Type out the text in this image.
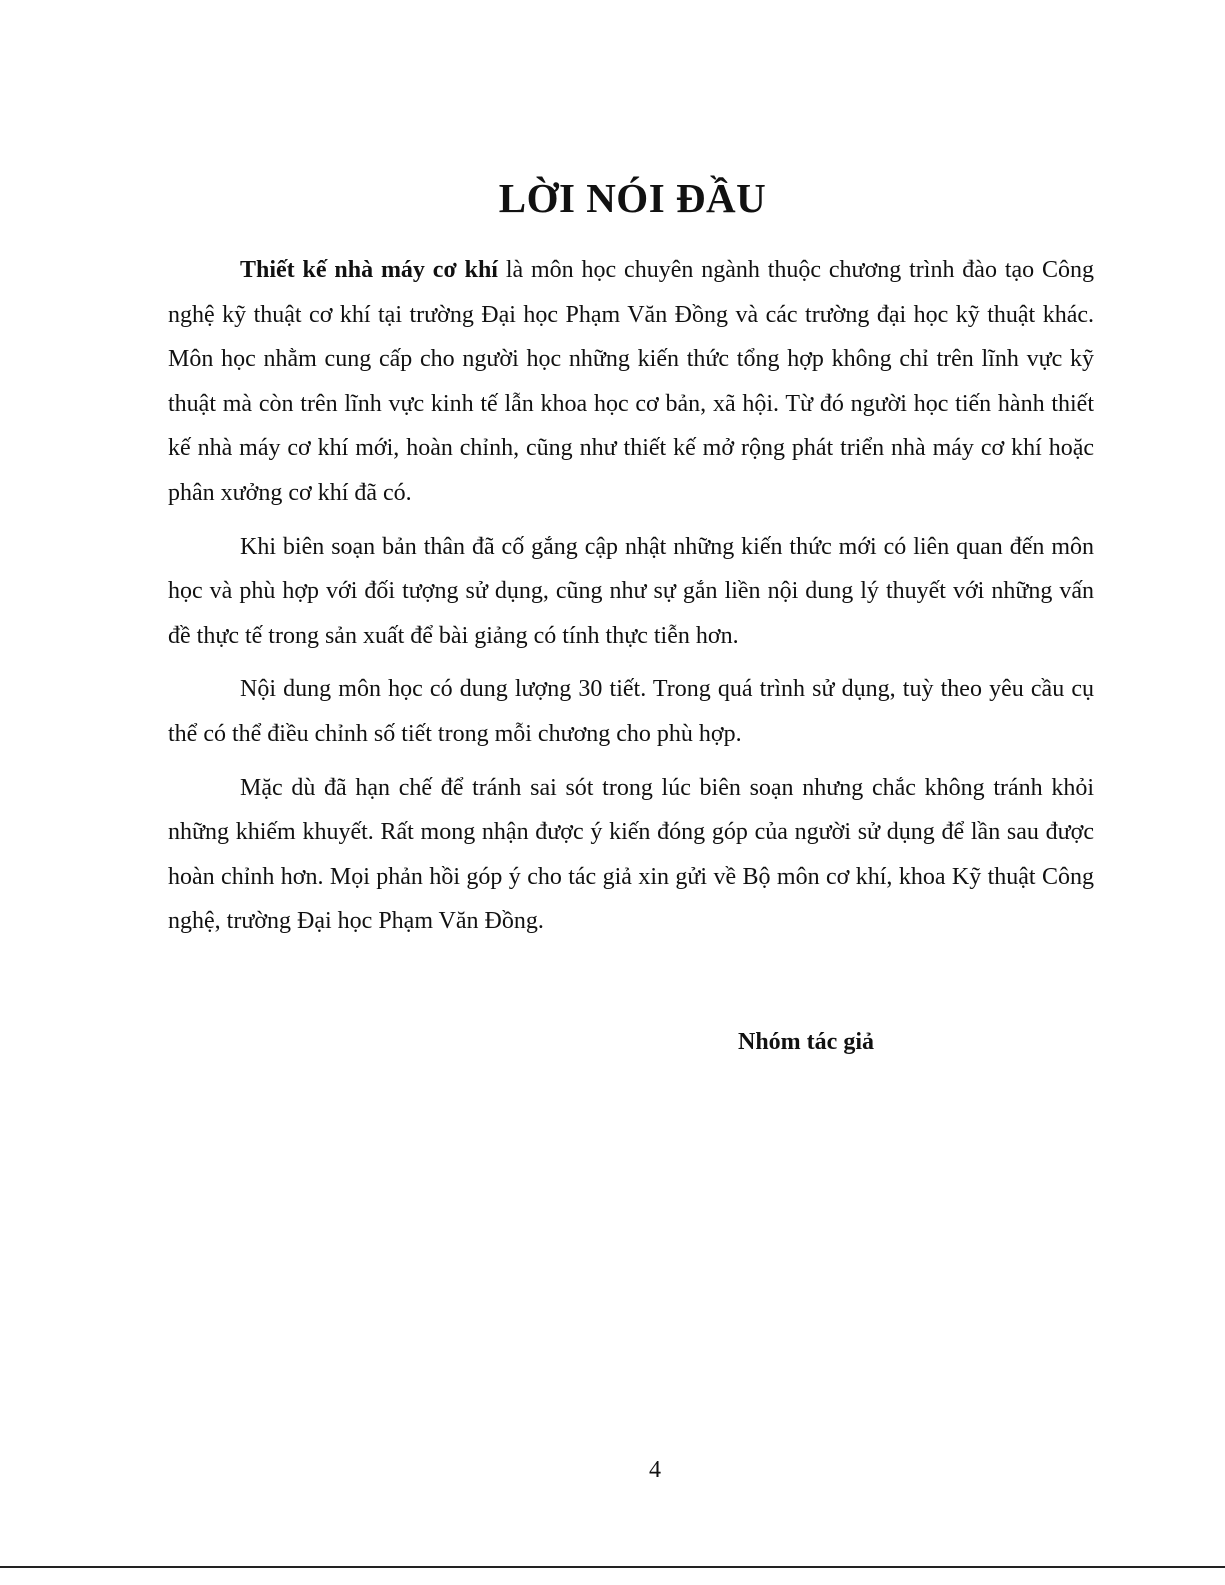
LỜI NÓI ĐẦU

Thiết kế nhà máy cơ khí là môn học chuyên ngành thuộc chương trình đào tạo Công nghệ kỹ thuật cơ khí tại trường Đại học Phạm Văn Đồng và các trường đại học kỹ thuật khác. Môn học nhằm cung cấp cho người học những kiến thức tổng hợp không chỉ trên lĩnh vực kỹ thuật mà còn trên lĩnh vực kinh tế lẫn khoa học cơ bản, xã hội. Từ đó người học tiến hành thiết kế nhà máy cơ khí mới, hoàn chỉnh, cũng như thiết kế mở rộng phát triển nhà máy cơ khí hoặc phân xưởng cơ khí đã có.

Khi biên soạn bản thân đã cố gắng cập nhật những kiến thức mới có liên quan đến môn học và phù hợp với đối tượng sử dụng, cũng như sự gắn liền nội dung lý thuyết với những vấn đề thực tế trong sản xuất để bài giảng có tính thực tiễn hơn.

Nội dung môn học có dung lượng 30 tiết. Trong quá trình sử dụng, tuỳ theo yêu cầu cụ thể có thể điều chỉnh số tiết trong mỗi chương cho phù hợp.

Mặc dù đã hạn chế để tránh sai sót trong lúc biên soạn nhưng chắc không tránh khỏi những khiếm khuyết. Rất mong nhận được ý kiến đóng góp của người sử dụng để lần sau được hoàn chỉnh hơn. Mọi phản hồi góp ý cho tác giả xin gửi về Bộ môn cơ khí, khoa Kỹ thuật Công nghệ, trường Đại học Phạm Văn Đồng.

Nhóm tác giả
4
